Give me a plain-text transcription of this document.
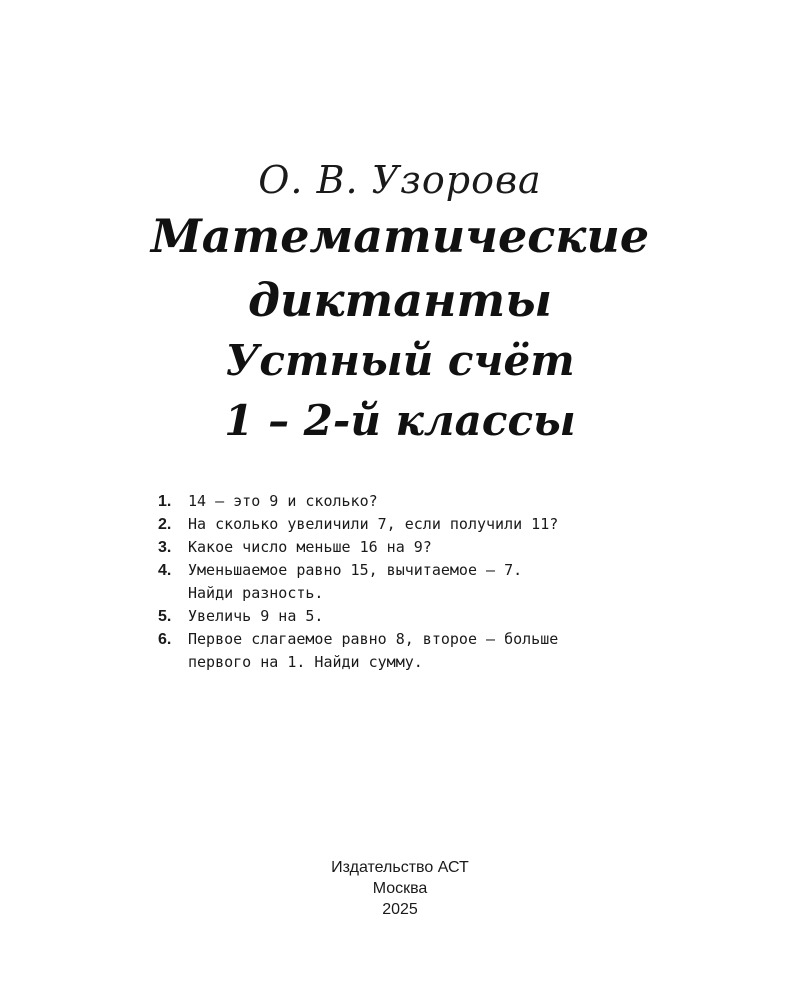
О. В. Узорова
Математические
диктанты
Устный счёт
1 – 2-й классы
1.	14 — это 9 и сколько?
2.	На сколько увеличили 7, если получили 11?
3.	Какое число меньше 16 на 9?
4.	Уменьшаемое равно 15, вычитаемое — 7.
Найди разность.
5.	Увеличь 9 на 5.
6.	Первое слагаемое равно 8, второе — больше
первого на 1. Найди сумму.
Издательство АСТ
Москва
2025
